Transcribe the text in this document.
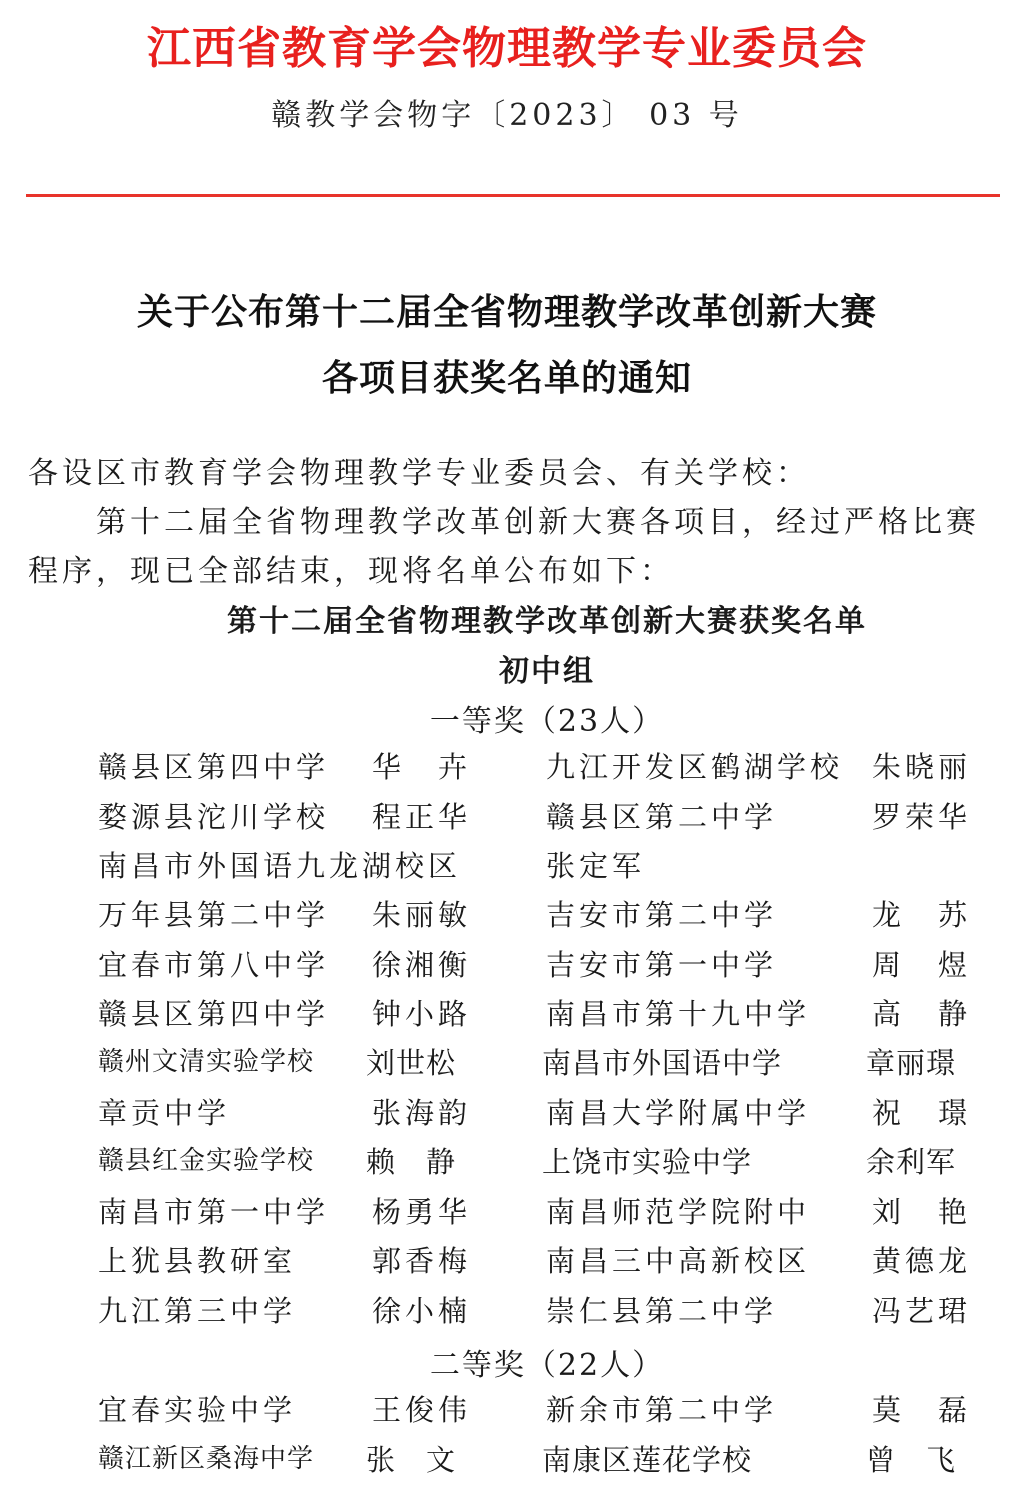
江西省教育学会物理教学专业委员会
赣教学会物字〔2023〕 03 号
关于公布第十二届全省物理教学改革创新大赛
各项目获奖名单的通知
各设区市教育学会物理教学专业委员会、有关学校：
第十二届全省物理教学改革创新大赛各项目，经过严格比赛
程序，现已全部结束，现将名单公布如下：
第十二届全省物理教学改革创新大赛获奖名单
初中组
一等奖（23人）
赣县区第四中学 华　卉	九江开发区鹤湖学校 朱晓丽
婺源县沱川学校 程正华	赣县区第二中学	罗荣华
南昌市外国语九龙湖校区	张定军
万年县第二中学 朱丽敏	吉安市第二中学	龙　苏
宜春市第八中学 徐湘衡	吉安市第一中学	周　煜
赣县区第四中学 钟小路	南昌市第十九中学 高　静
赣州文清实验学校 刘世松	南昌市外国语中学	章丽璟
章贡中学	张海韵	南昌大学附属中学 祝　璟
赣县红金实验学校 赖　静	上饶市实验中学	余利军
南昌市第一中学 杨勇华	南昌师范学院附中 刘　艳
上犹县教研室	郭香梅	南昌三中高新校区 黄德龙
九江第三中学	徐小楠	崇仁县第二中学	冯艺珺
二等奖（22人）
宜春实验中学	王俊伟	新余市第二中学	莫　磊
赣江新区桑海中学 张　文	南康区莲花学校	曾　飞
